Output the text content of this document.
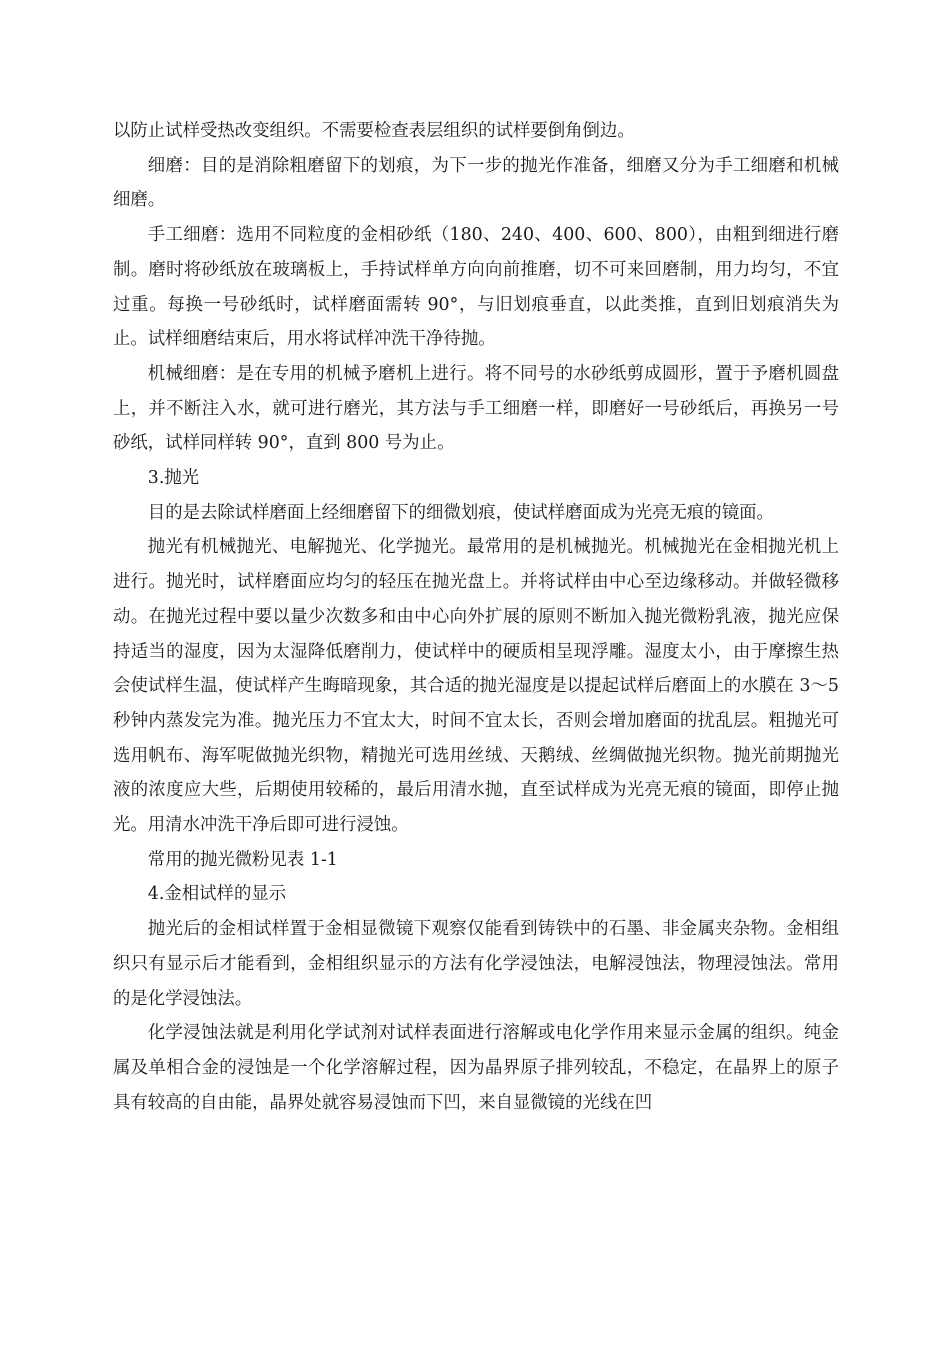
以防止试样受热改变组织。不需要检查表层组织的试样要倒角倒边。

细磨：目的是消除粗磨留下的划痕，为下一步的抛光作准备，细磨又分为手工细磨和机械细磨。

手工细磨：选用不同粒度的金相砂纸（180、240、400、600、800），由粗到细进行磨制。磨时将砂纸放在玻璃板上，手持试样单方向向前推磨，切不可来回磨制，用力均匀，不宜过重。每换一号砂纸时，试样磨面需转 90°，与旧划痕垂直，以此类推，直到旧划痕消失为止。试样细磨结束后，用水将试样冲洗干净待抛。

机械细磨：是在专用的机械予磨机上进行。将不同号的水砂纸剪成圆形，置于予磨机圆盘上，并不断注入水，就可进行磨光，其方法与手工细磨一样，即磨好一号砂纸后，再换另一号砂纸，试样同样转 90°，直到 800 号为止。

3.抛光

目的是去除试样磨面上经细磨留下的细微划痕，使试样磨面成为光亮无痕的镜面。

抛光有机械抛光、电解抛光、化学抛光。最常用的是机械抛光。机械抛光在金相抛光机上进行。抛光时，试样磨面应均匀的轻压在抛光盘上。并将试样由中心至边缘移动。并做轻微移动。在抛光过程中要以量少次数多和由中心向外扩展的原则不断加入抛光微粉乳液，抛光应保持适当的湿度，因为太湿降低磨削力，使试样中的硬质相呈现浮雕。湿度太小，由于摩擦生热会使试样生温，使试样产生晦暗现象，其合适的抛光湿度是以提起试样后磨面上的水膜在 3～5 秒钟内蒸发完为准。抛光压力不宜太大，时间不宜太长，否则会增加磨面的扰乱层。粗抛光可选用帆布、海军呢做抛光织物，精抛光可选用丝绒、天鹅绒、丝绸做抛光织物。抛光前期抛光液的浓度应大些，后期使用较稀的，最后用清水抛，直至试样成为光亮无痕的镜面，即停止抛光。用清水冲洗干净后即可进行浸蚀。

常用的抛光微粉见表 1-1

4.金相试样的显示

抛光后的金相试样置于金相显微镜下观察仅能看到铸铁中的石墨、非金属夹杂物。金相组织只有显示后才能看到，金相组织显示的方法有化学浸蚀法，电解浸蚀法，物理浸蚀法。常用的是化学浸蚀法。

化学浸蚀法就是利用化学试剂对试样表面进行溶解或电化学作用来显示金属的组织。纯金属及单相合金的浸蚀是一个化学溶解过程，因为晶界原子排列较乱，不稳定，在晶界上的原子具有较高的自由能，晶界处就容易浸蚀而下凹，来自显微镜的光线在凹
